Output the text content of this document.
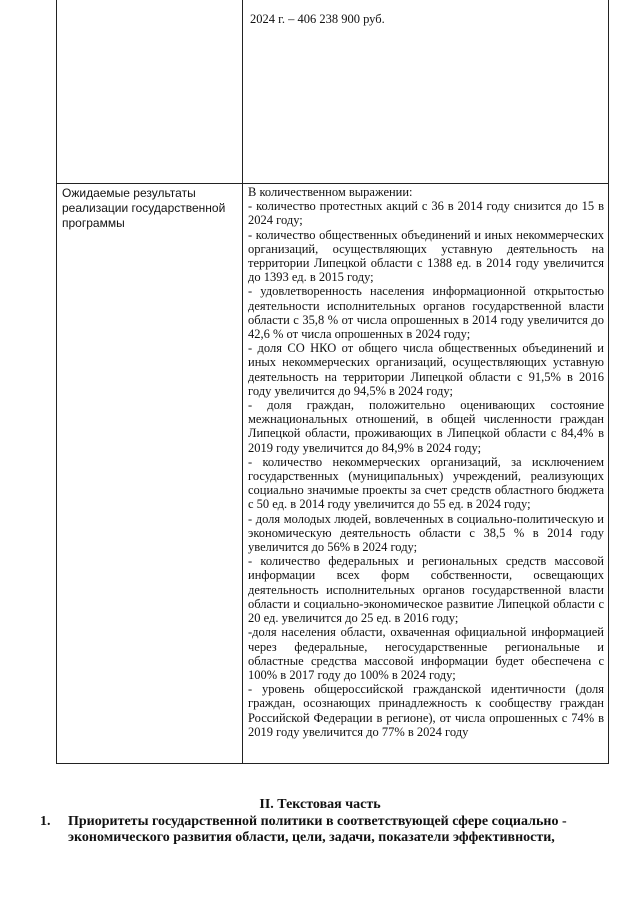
2024 г. – 406 238 900 руб.
Ожидаемые результаты реализации государственной программы

В количественном выражении:

- количество протестных акций с 36 в 2014 году снизится до 15 в 2024 году;

- количество общественных объединений и иных некоммерческих организаций, осуществляющих уставную деятельность на территории Липецкой области с 1388 ед. в 2014 году увеличится до 1393 ед. в 2015 году;

- удовлетворенность населения информационной открытостью деятельности исполнительных органов государственной власти области с 35,8 % от числа опрошенных в 2014 году увеличится до 42,6 % от числа опрошенных в 2024 году;

- доля СО НКО от общего числа общественных объединений и иных некоммерческих организаций, осуществляющих уставную деятельность на территории Липецкой области с 91,5% в 2016 году увеличится до 94,5% в 2024 году;

- доля граждан, положительно оценивающих состояние межнациональных отношений, в общей численности граждан Липецкой области, проживающих в Липецкой области с 84,4% в 2019 году увеличится до 84,9% в 2024 году;

- количество некоммерческих организаций, за исключением государственных (муниципальных) учреждений, реализующих социально значимые проекты за счет средств областного бюджета с 50 ед. в 2014 году увеличится до 55 ед. в 2024 году;

- доля молодых людей, вовлеченных в социально-политическую и экономическую деятельность области с 38,5 % в 2014 году увеличится до 56% в 2024 году;

- количество федеральных и региональных средств массовой информации всех форм собственности, освещающих деятельность исполнительных органов государственной власти области и социально-экономическое развитие Липецкой области с 20 ед. увеличится до 25 ед. в 2016 году;

-доля населения области, охваченная официальной информацией через федеральные, негосударственные региональные и областные средства массовой информации будет обеспечена с 100% в 2017 году до 100% в 2024 году;

- уровень общероссийской гражданской идентичности (доля граждан, осознающих принадлежность к сообществу граждан Российской Федерации в регионе), от числа опрошенных с 74% в 2019 году увеличится до 77% в 2024 году

II. Текстовая часть
1. Приоритеты государственной политики в соответствующей сфере социально - экономического развития области, цели, задачи, показатели эффективности,
